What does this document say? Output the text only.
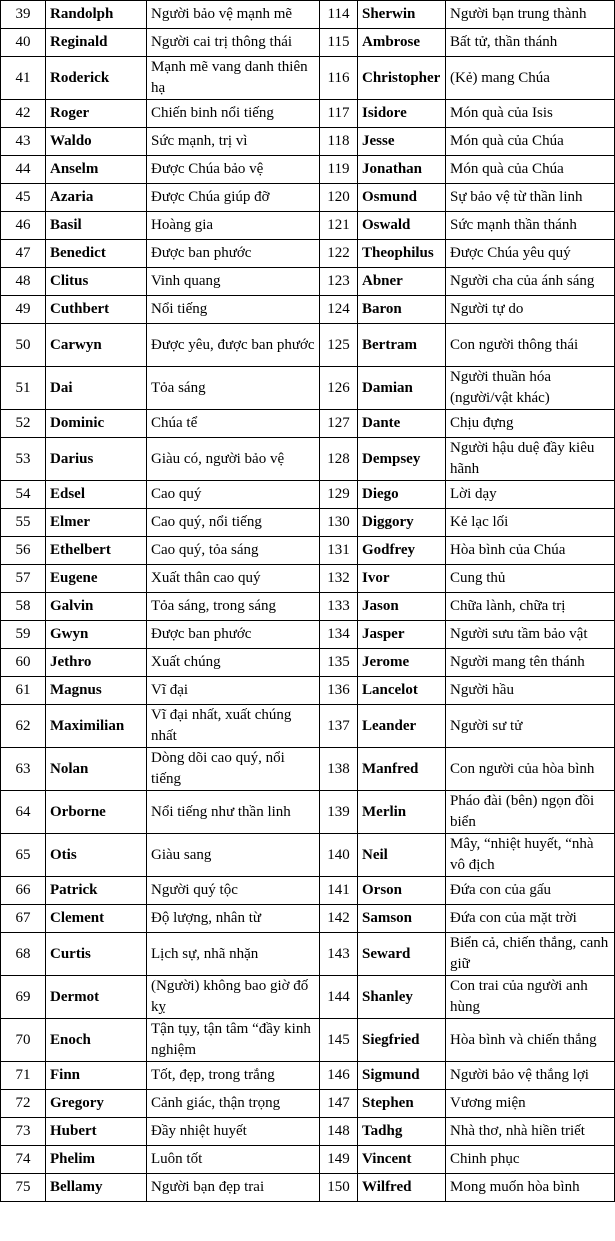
39	Randolph	Người bảo vệ mạnh mẽ	114	Sherwin	Người bạn trung thành
40	Reginald	Người cai trị thông thái	115	Ambrose	Bất tử, thần thánh
41	Roderick	Mạnh mẽ vang danh thiên hạ	116	Christopher	(Kẻ) mang Chúa
42	Roger	Chiến binh nổi tiếng	117	Isidore	Món quà của Isis
43	Waldo	Sức mạnh, trị vì	118	Jesse	Món quà của Chúa
44	Anselm	Được Chúa bảo vệ	119	Jonathan	Món quà của Chúa
45	Azaria	Được Chúa giúp đỡ	120	Osmund	Sự bảo vệ từ thần linh
46	Basil	Hoàng gia	121	Oswald	Sức mạnh thần thánh
47	Benedict	Được ban phước	122	Theophilus	Được Chúa yêu quý
48	Clitus	Vinh quang	123	Abner	Người cha của ánh sáng
49	Cuthbert	Nổi tiếng	124	Baron	Người tự do
50	Carwyn	Được yêu, được ban phước	125	Bertram	Con người thông thái
51	Dai	Tỏa sáng	126	Damian	Người thuần hóa (người/vật khác)
52	Dominic	Chúa tể	127	Dante	Chịu đựng
53	Darius	Giàu có, người bảo vệ	128	Dempsey	Người hậu duệ đầy kiêu hãnh
54	Edsel	Cao quý	129	Diego	Lời dạy
55	Elmer	Cao quý, nổi tiếng	130	Diggory	Kẻ lạc lối
56	Ethelbert	Cao quý, tỏa sáng	131	Godfrey	Hòa bình của Chúa
57	Eugene	Xuất thân cao quý	132	Ivor	Cung thủ
58	Galvin	Tỏa sáng, trong sáng	133	Jason	Chữa lành, chữa trị
59	Gwyn	Được ban phước	134	Jasper	Người sưu tầm bảo vật
60	Jethro	Xuất chúng	135	Jerome	Người mang tên thánh
61	Magnus	Vĩ đại	136	Lancelot	Người hầu
62	Maximilian	Vĩ đại nhất, xuất chúng nhất	137	Leander	Người sư tử
63	Nolan	Dòng dõi cao quý, nổi tiếng	138	Manfred	Con người của hòa bình
64	Orborne	Nổi tiếng như thần linh	139	Merlin	Pháo đài (bên) ngọn đồi biển
65	Otis	Giàu sang	140	Neil	Mây, “nhiệt huyết, “nhà vô địch
66	Patrick	Người quý tộc	141	Orson	Đứa con của gấu
67	Clement	Độ lượng, nhân từ	142	Samson	Đứa con của mặt trời
68	Curtis	Lịch sự, nhã nhặn	143	Seward	Biển cả, chiến thắng, canh giữ
69	Dermot	(Người) không bao giờ đố kỵ	144	Shanley	Con trai của người anh hùng
70	Enoch	Tận tụy, tận tâm “đầy kinh nghiệm	145	Siegfried	Hòa bình và chiến thắng
71	Finn	Tốt, đẹp, trong trắng	146	Sigmund	Người bảo vệ thắng lợi
72	Gregory	Cảnh giác, thận trọng	147	Stephen	Vương miện
73	Hubert	Đầy nhiệt huyết	148	Tadhg	Nhà thơ, nhà hiền triết
74	Phelim	Luôn tốt	149	Vincent	Chinh phục
75	Bellamy	Người bạn đẹp trai	150	Wilfred	Mong muốn hòa bình
